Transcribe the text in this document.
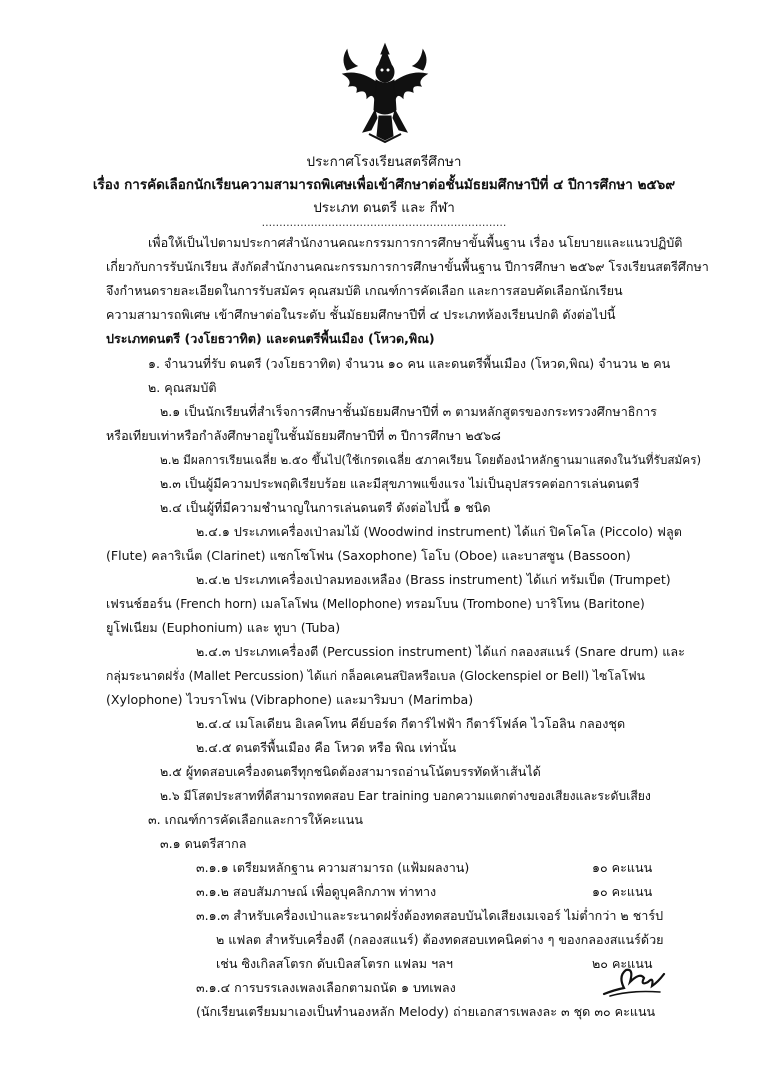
ประกาศโรงเรียนสตรีศึกษา
เรื่อง การคัดเลือกนักเรียนความสามารถพิเศษเพื่อเข้าศึกษาต่อชั้นมัธยมศึกษาปีที่ ๔ ปีการศึกษา ๒๕๖๙
ประเภท ดนตรี และ กีฬา
......................................................................
เพื่อให้เป็นไปตามประกาศสำนักงานคณะกรรมการการศึกษาขั้นพื้นฐาน เรื่อง นโยบายและแนวปฏิบัติ
เกี่ยวกับการรับนักเรียน สังกัดสำนักงานคณะกรรมการการศึกษาขั้นพื้นฐาน ปีการศึกษา ๒๕๖๙ โรงเรียนสตรีศึกษา
จึงกำหนดรายละเอียดในการรับสมัคร คุณสมบัติ เกณฑ์การคัดเลือก และการสอบคัดเลือกนักเรียน
ความสามารถพิเศษ เข้าศึกษาต่อในระดับ ชั้นมัธยมศึกษาปีที่ ๔ ประเภทห้องเรียนปกติ ดังต่อไปนี้
ประเภทดนตรี (วงโยธวาทิต) และดนตรีพื้นเมือง (โหวด,พิณ)
๑. จำนวนที่รับ ดนตรี (วงโยธวาทิต) จำนวน ๑๐ คน และดนตรีพื้นเมือง (โหวด,พิณ) จำนวน ๒ คน
๒. คุณสมบัติ
๒.๑ เป็นนักเรียนที่สำเร็จการศึกษาชั้นมัธยมศึกษาปีที่ ๓ ตามหลักสูตรของกระทรวงศึกษาธิการ
หรือเทียบเท่าหรือกำลังศึกษาอยู่ในชั้นมัธยมศึกษาปีที่ ๓ ปีการศึกษา ๒๕๖๘
๒.๒ มีผลการเรียนเฉลี่ย ๒.๕๐ ขึ้นไป(ใช้เกรดเฉลี่ย ๕ภาคเรียน โดยต้องนำหลักฐานมาแสดงในวันที่รับสมัคร)
๒.๓ เป็นผู้มีความประพฤติเรียบร้อย และมีสุขภาพแข็งแรง ไม่เป็นอุปสรรคต่อการเล่นดนตรี
๒.๔ เป็นผู้ที่มีความชำนาญในการเล่นดนตรี ดังต่อไปนี้ ๑ ชนิด
๒.๔.๑ ประเภทเครื่องเป่าลมไม้ (Woodwind instrument) ได้แก่ ปิคโคโล (Piccolo) ฟลูต
(Flute) คลาริเน็ต (Clarinet) แซกโซโฟน (Saxophone) โอโบ (Oboe) และบาสซูน (Bassoon)
๒.๔.๒ ประเภทเครื่องเป่าลมทองเหลือง (Brass instrument) ได้แก่ ทรัมเป็ต (Trumpet)
เฟรนช์ฮอร์น (French horn) เมลโลโฟน (Mellophone) ทรอมโบน (Trombone) บาริโทน (Baritone)
ยูโฟเนียม (Euphonium) และ ทูบา (Tuba)
๒.๔.๓ ประเภทเครื่องตี (Percussion instrument) ได้แก่ กลองสแนร์ (Snare drum) และ
กลุ่มระนาดฝรั่ง (Mallet Percussion) ได้แก่ กล็อคเคนสปิลหรือเบล (Glockenspiel or Bell) ไซโลโฟน
(Xylophone) ไวบราโฟน (Vibraphone) และมาริมบา (Marimba)
๒.๔.๔ เมโลเดียน อิเลคโทน คีย์บอร์ด กีตาร์ไฟฟ้า กีตาร์โฟล์ค ไวโอลิน กลองชุด
๒.๔.๕ ดนตรีพื้นเมือง คือ โหวด หรือ พิณ เท่านั้น
๒.๕ ผู้ทดสอบเครื่องดนตรีทุกชนิดต้องสามารถอ่านโน้ตบรรทัดห้าเส้นได้
๒.๖ มีโสตประสาทที่ดีสามารถทดสอบ Ear training บอกความแตกต่างของเสียงและระดับเสียง
๓. เกณฑ์การคัดเลือกและการให้คะแนน
๓.๑ ดนตรีสากล
๓.๑.๑ เตรียมหลักฐาน ความสามารถ (แฟ้มผลงาน)	๑๐ คะแนน
๓.๑.๒ สอบสัมภาษณ์ เพื่อดูบุคลิกภาพ ท่าทาง	๑๐ คะแนน
๓.๑.๓ สำหรับเครื่องเป่าและระนาดฝรั่งต้องทดสอบบันไดเสียงเมเจอร์ ไม่ต่ำกว่า ๒ ชาร์ป
๒ แฟลต สำหรับเครื่องตี (กลองสแนร์) ต้องทดสอบเทคนิคต่าง ๆ ของกลองสแนร์ด้วย
เช่น ซิงเกิลสโตรก ดับเบิลสโตรก แฟลม ฯลฯ	๒๐ คะแนน
๓.๑.๔ การบรรเลงเพลงเลือกตามถนัด ๑ บทเพลง
(นักเรียนเตรียมมาเองเป็นทำนองหลัก Melody) ถ่ายเอกสารเพลงละ ๓ ชุด ๓๐ คะแนน
